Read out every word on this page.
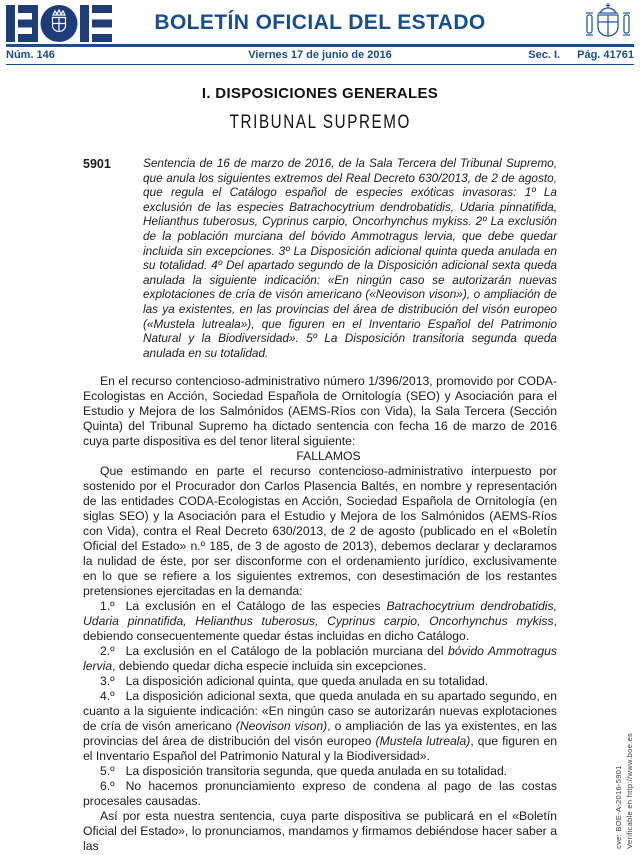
BOLETÍN OFICIAL DEL ESTADO
Núm. 146	Viernes 17 de junio de 2016	Sec. I. Pág. 41761
I. DISPOSICIONES GENERALES
TRIBUNAL SUPREMO
5901	Sentencia de 16 de marzo de 2016, de la Sala Tercera del Tribunal Supremo, que anula los siguientes extremos del Real Decreto 630/2013, de 2 de agosto, que regula el Catálogo español de especies exóticas invasoras: 1º La exclusión de las especies Batrachocytrium dendrobatidis, Udaria pinnatifida, Helianthus tuberosus, Cyprinus carpio, Oncorhynchus mykiss. 2º La exclusión de la población murciana del bóvido Ammotragus lervia, que debe quedar incluida sin excepciones. 3º La Disposición adicional quinta queda anulada en su totalidad. 4º Del apartado segundo de la Disposición adicional sexta queda anulada la siguiente indicación: «En ningún caso se autorizarán nuevas explotaciones de cría de visón americano («Neovison vison»), o ampliación de las ya existentes, en las provincias del área de distribución del visón europeo («Mustela lutreala»), que figuren en el Inventario Español del Patrimonio Natural y la Biodiversidad». 5º La Disposición transitoria segunda queda anulada en su totalidad.

En el recurso contencioso-administrativo número 1/396/2013, promovido por CODA-Ecologistas en Acción, Sociedad Española de Ornitología (SEO) y Asociación para el Estudio y Mejora de los Salmónidos (AEMS-Ríos con Vida), la Sala Tercera (Sección Quinta) del Tribunal Supremo ha dictado sentencia con fecha 16 de marzo de 2016 cuya parte dispositiva es del tenor literal siguiente:

FALLAMOS

Que estimando en parte el recurso contencioso-administrativo interpuesto por sostenido por el Procurador don Carlos Plasencia Baltés, en nombre y representación de las entidades CODA-Ecologistas en Acción, Sociedad Española de Ornitología (en siglas SEO) y la Asociación para el Estudio y Mejora de los Salmónidos (AEMS-Ríos con Vida), contra el Real Decreto 630/2013, de 2 de agosto (publicado en el «Boletín Oficial del Estado» n.º 185, de 3 de agosto de 2013), debemos declarar y declaramos la nulidad de éste, por ser disconforme con el ordenamiento jurídico, exclusivamente en lo que se refiere a los siguientes extremos, con desestimación de los restantes pretensiones ejercitadas en la demanda:

1.º La exclusión en el Catálogo de las especies Batrachocytrium dendrobatidis, Udaria pinnatifida, Helianthus tuberosus, Cyprinus carpio, Oncorhynchus mykiss, debiendo consecuentemente quedar éstas incluidas en dicho Catálogo.

2.º La exclusión en el Catálogo de la población murciana del bóvido Ammotragus lervia, debiendo quedar dicha especie incluida sin excepciones.

3.º La disposición adicional quinta, que queda anulada en su totalidad.

4.º La disposición adicional sexta, que queda anulada en su apartado segundo, en cuanto a la siguiente indicación: «En ningún caso se autorizarán nuevas explotaciones de cría de visón americano (Neovison vison), o ampliación de las ya existentes, en las provincias del área de distribución del visón europeo (Mustela lutreala), que figuren en el Inventario Español del Patrimonio Natural y la Biodiversidad».

5.º La disposición transitoria segunda, que queda anulada en su totalidad.

6.º No hacemos pronunciamiento expreso de condena al pago de las costas procesales causadas.

Así por esta nuestra sentencia, cuya parte dispositiva se publicará en el «Boletín Oficial del Estado», lo pronunciamos, mandamos y firmamos debiéndose hacer saber a las	cve: BOE-A-2016-5901 Verificable en http://www.boe.es
